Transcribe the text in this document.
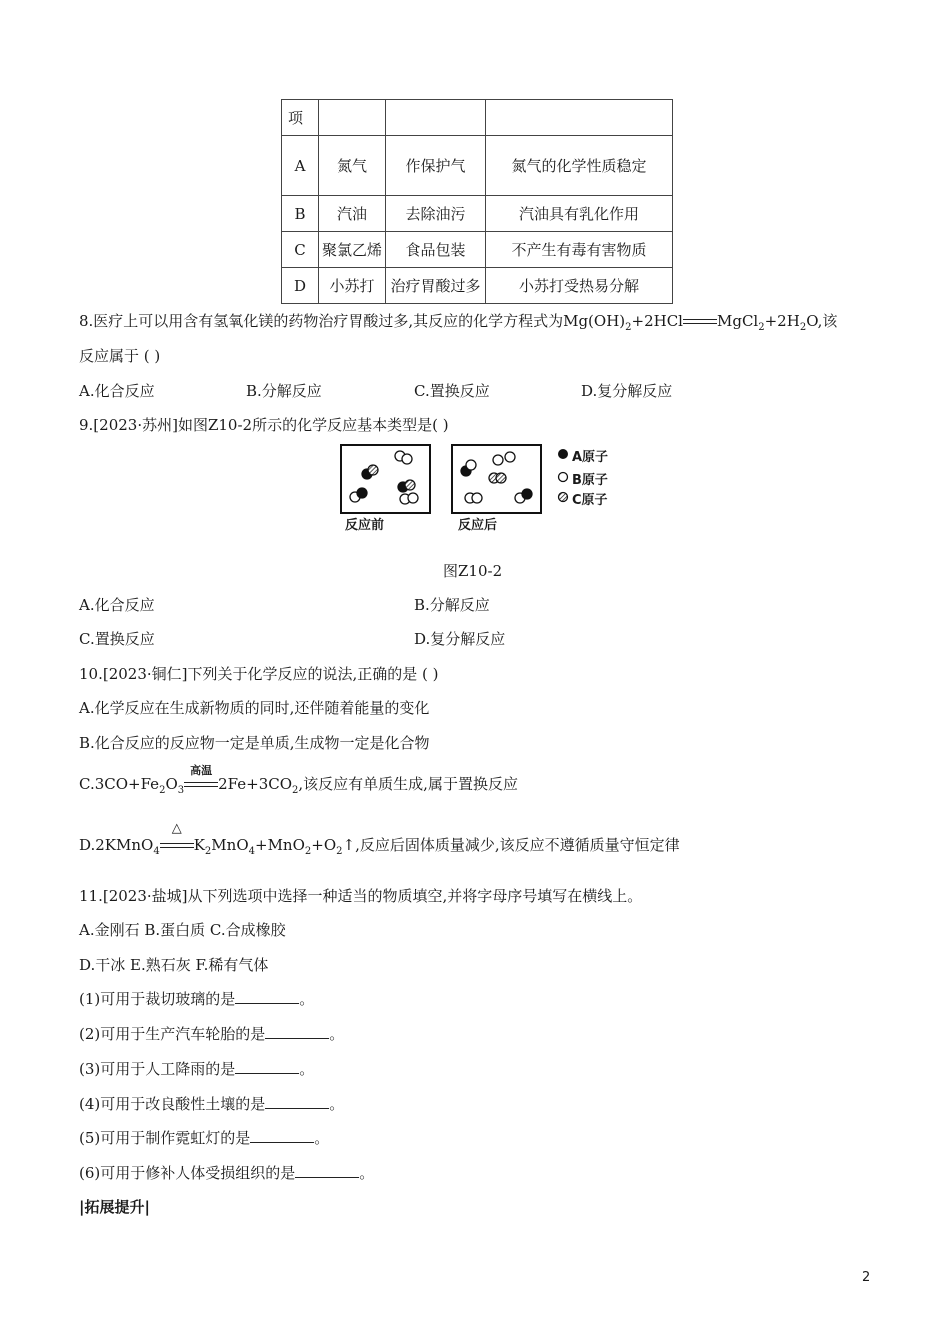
项			
A	氮气	作保护气	氮气的化学性质稳定
B	汽油	去除油污	汽油具有乳化作用
C	聚氯乙烯	食品包装	不产生有毒有害物质
D	小苏打	治疗胃酸过多	小苏打受热易分解
8.医疗上可以用含有氢氧化镁的药物治疗胃酸过多,其反应的化学方程式为$Mg(OH)_2+2HCl$ $MgCl_2+2H_2O$,该
反应属于 ( )
A.化合反应	B.分解反应	C.置换反应	D.复分解反应
9.[2023·苏州]如图Z10-2所示的化学反应基本类型是( )
反应前	反应后
A原子
B原子
C原子
图Z10-2
A.化合反应	B.分解反应
C.置换反应	D.复分解反应
10.[2023·铜仁]下列关于化学反应的说法,正确的是 ( )
A.化学反应在生成新物质的同时,还伴随着能量的变化
B.化合反应的反应物一定是单质,生成物一定是化合物
$C.3CO+Fe_2O_3$
高温
$2Fe+3CO_2$,该反应有单质生成,属于置换反应
D.2KMnO$_4$
△
$K_2MnO_4+MnO_2+O_2↑$,反应后固体质量减少,该反应不遵循质量守恒定律
11.[2023·盐城]从下列选项中选择一种适当的物质填空,并将字母序号填写在横线上。
A.金刚石 B.蛋白质 C.合成橡胶
D.干冰 E.熟石灰 F.稀有气体
(1)可用于裁切玻璃的是	。
(2)可用于生产汽车轮胎的是	。
(3)可用于人工降雨的是	。
(4)可用于改良酸性土壤的是	。
(5)可用于制作霓虹灯的是	。
(6)可用于修补人体受损组织的是	。
|拓展提升|
2
